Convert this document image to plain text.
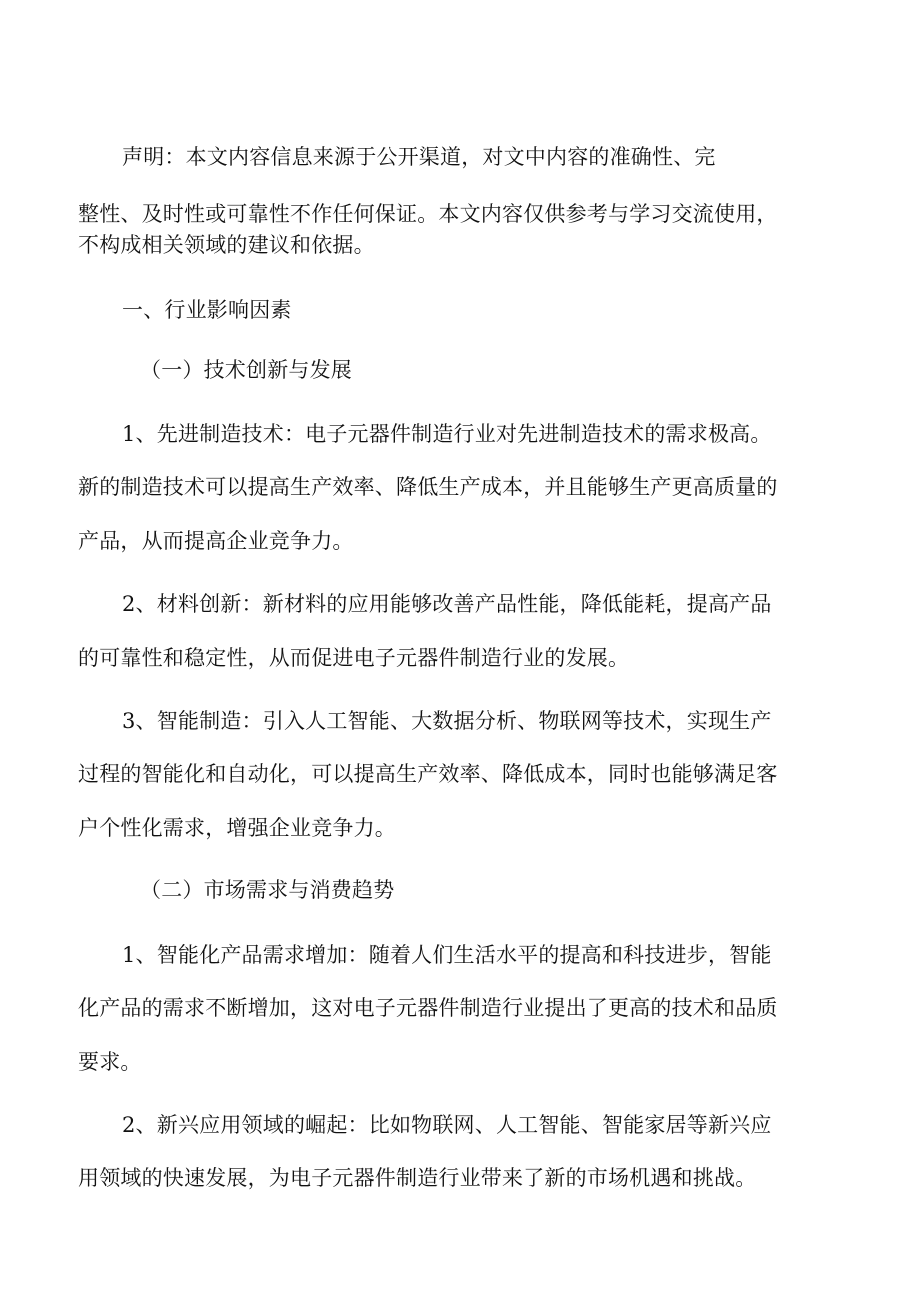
声明：本文内容信息来源于公开渠道，对文中内容的准确性、完
整性、及时性或可靠性不作任何保证。本文内容仅供参考与学习交流使用，
不构成相关领域的建议和依据。
一、行业影响因素
（一）技术创新与发展
1、先进制造技术：电子元器件制造行业对先进制造技术的需求极高。
新的制造技术可以提高生产效率、降低生产成本，并且能够生产更高质量的
产品，从而提高企业竞争力。
2、材料创新：新材料的应用能够改善产品性能，降低能耗，提高产品
的可靠性和稳定性，从而促进电子元器件制造行业的发展。
3、智能制造：引入人工智能、大数据分析、物联网等技术，实现生产
过程的智能化和自动化，可以提高生产效率、降低成本，同时也能够满足客
户个性化需求，增强企业竞争力。
（二）市场需求与消费趋势
1、智能化产品需求增加：随着人们生活水平的提高和科技进步，智能
化产品的需求不断增加，这对电子元器件制造行业提出了更高的技术和品质
要求。
2、新兴应用领域的崛起：比如物联网、人工智能、智能家居等新兴应
用领域的快速发展，为电子元器件制造行业带来了新的市场机遇和挑战。
